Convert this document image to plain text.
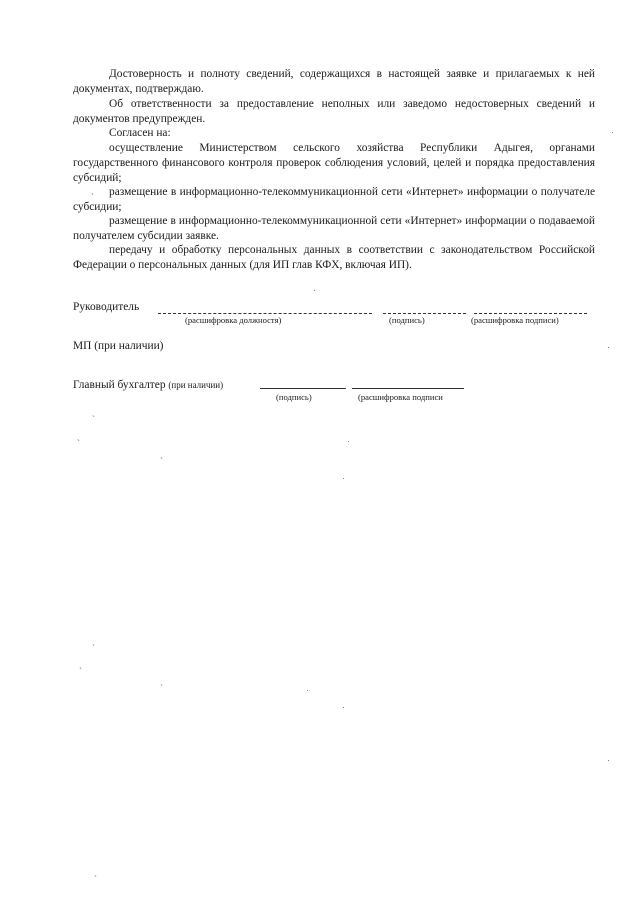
Достоверность и полноту сведений, содержащихся в настоящей заявке и прилагаемых к ней документах, подтверждаю.
Об ответственности за предоставление неполных или заведомо недостоверных сведений и документов предупрежден.
Согласен на:
осуществление Министерством сельского хозяйства Республики Адыгея, органами государственного финансового контроля проверок соблюдения условий, целей и порядка предоставления субсидий;
размещение в информационно-телекоммуникационной сети «Интернет» информации о получателе субсидии;
размещение в информационно-телекоммуникационной сети «Интернет» информации о подаваемой получателем субсидии заявке.
передачу и обработку персональных данных в соответствии с законодательством Российской Федерации о персональных данных (для ИП глав КФХ, включая ИП).
Руководитель
(расшифровка должностя)	(подпись)	(расшифровка подписи)
МП (при наличии)
Главный бухгалтер (при наличии)
(подпись)	(расшифровка подписи
ˏ
ˏ
ˏ
ˏ
ˏ
ˏ
ˏ
ˏ
